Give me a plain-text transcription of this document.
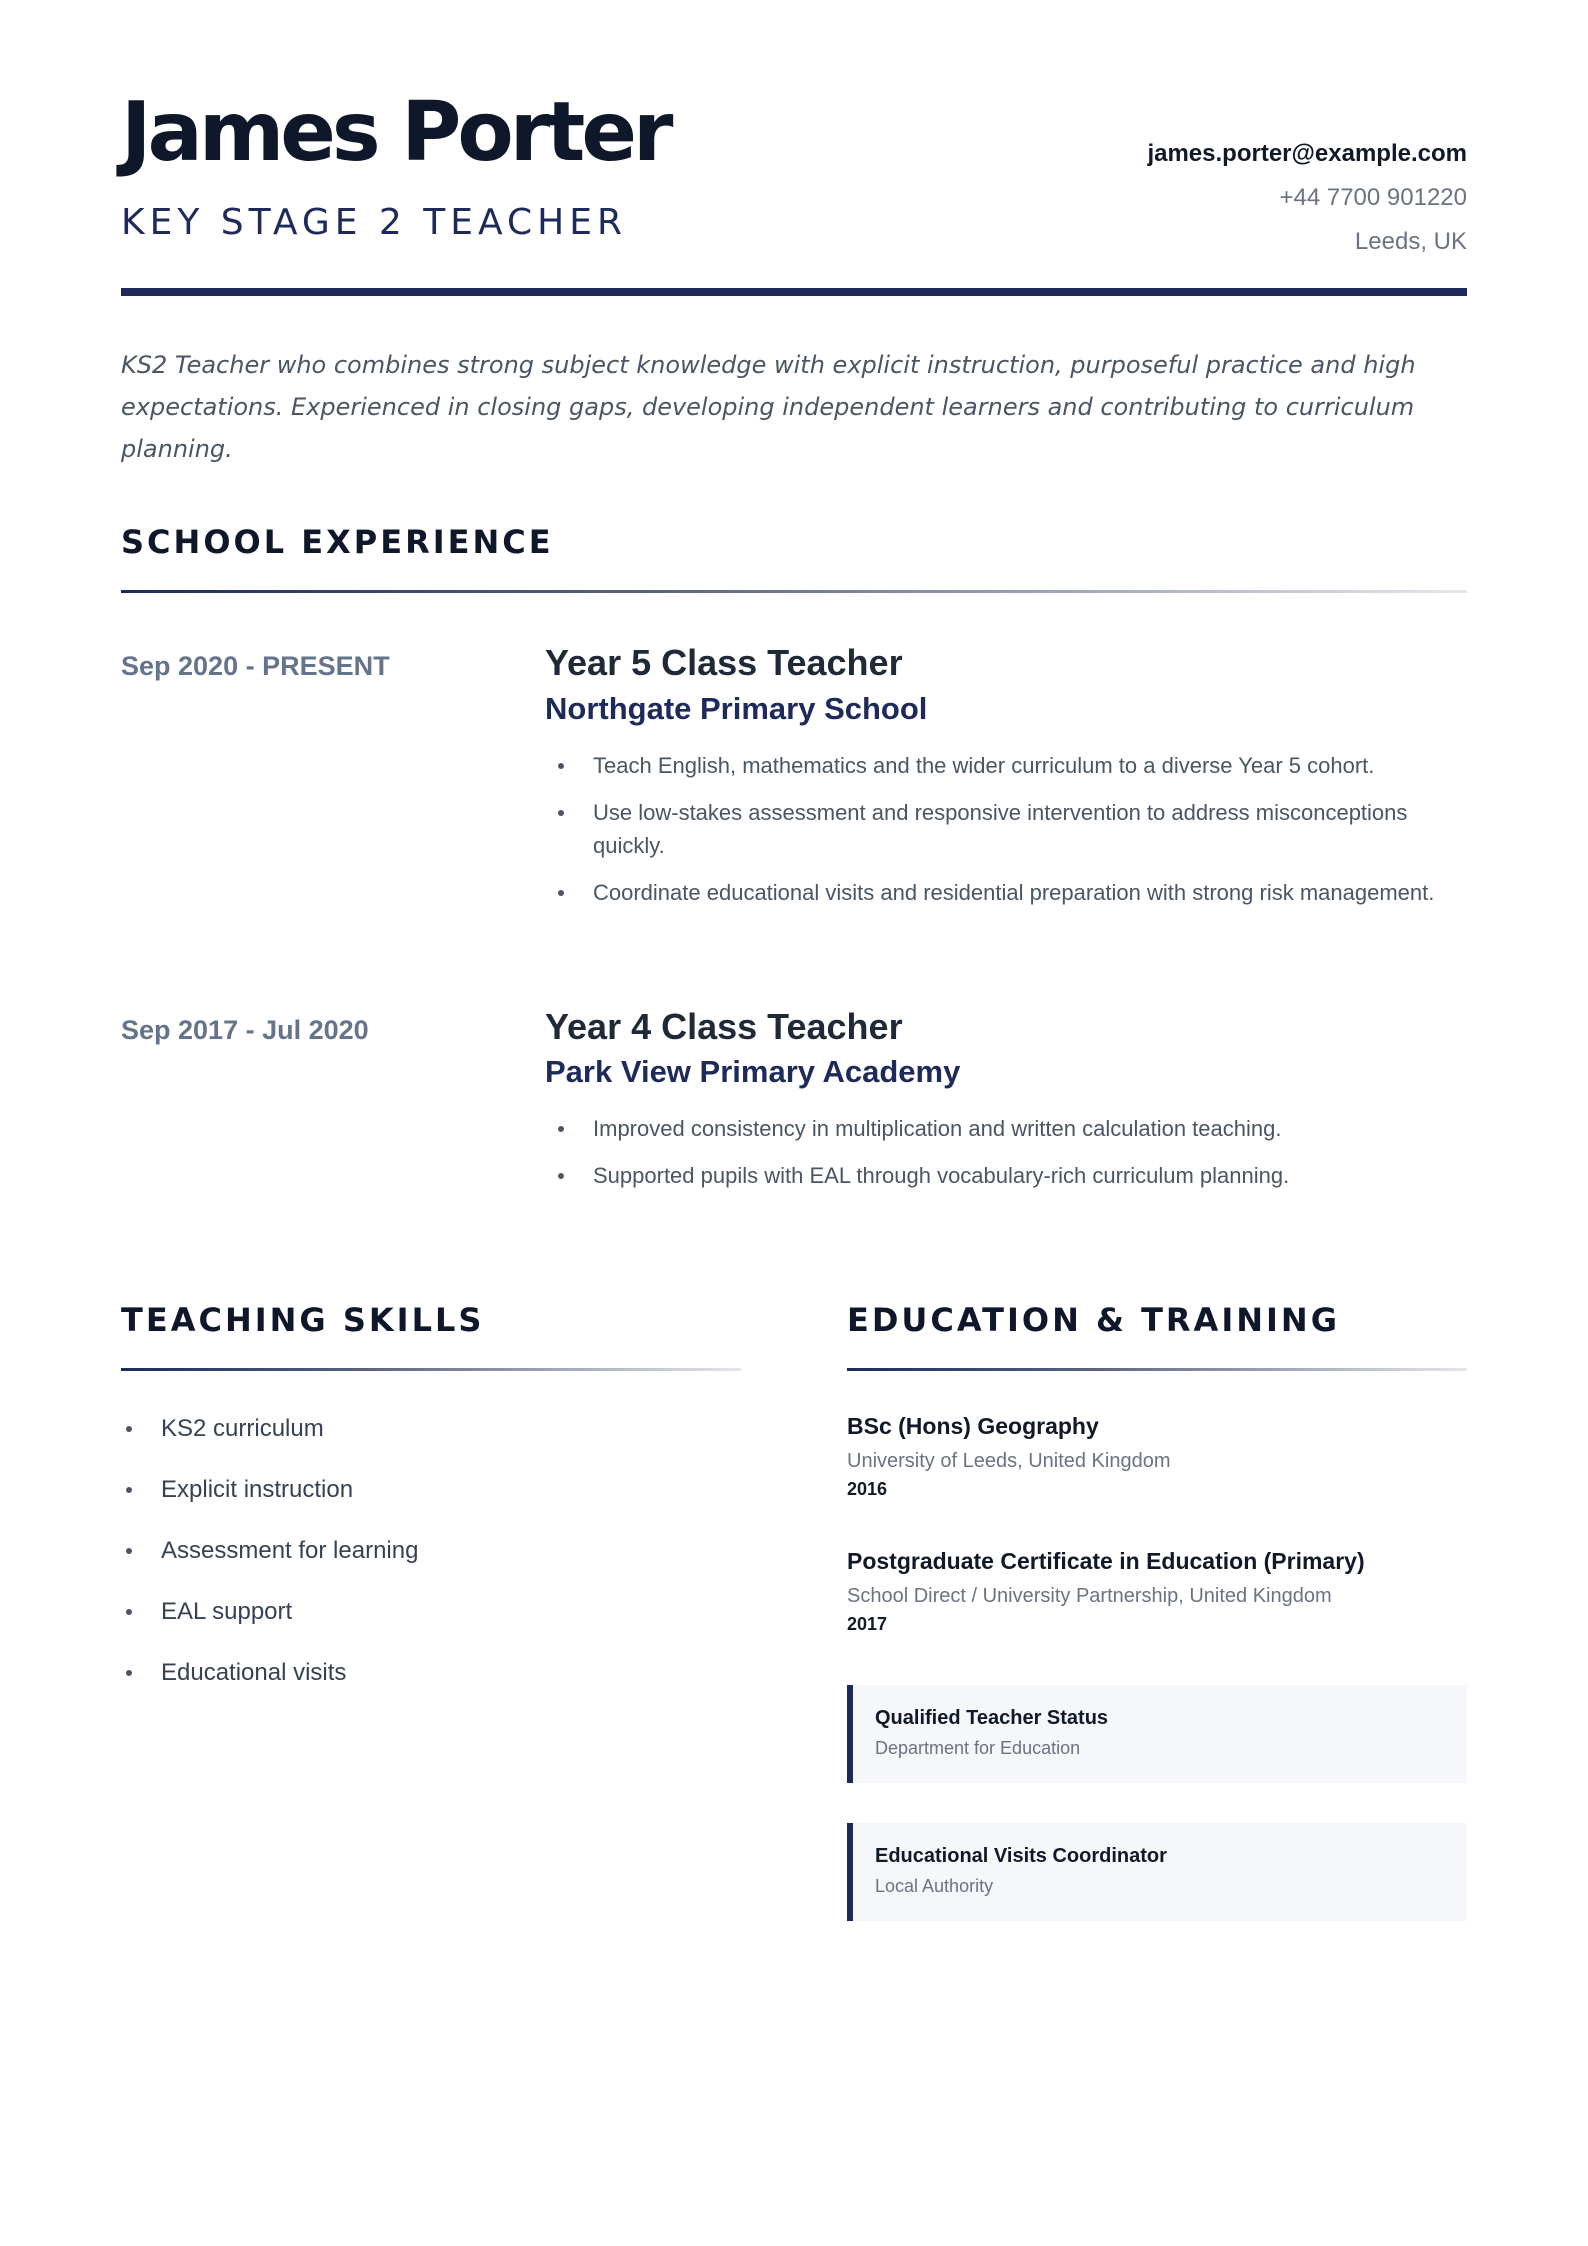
James Porter
KEY STAGE 2 TEACHER
james.porter@example.com
+44 7700 901220
Leeds, UK

KS2 Teacher who combines strong subject knowledge with explicit instruction, purposeful practice and high expectations. Experienced in closing gaps, developing independent learners and contributing to curriculum planning.

SCHOOL EXPERIENCE
Sep 2020 - PRESENT	Year 5 Class Teacher
Northgate Primary School
Teach English, mathematics and the wider curriculum to a diverse Year 5 cohort.
Use low-stakes assessment and responsive intervention to address misconceptions quickly.
Coordinate educational visits and residential preparation with strong risk management.
Sep 2017 - Jul 2020	Year 4 Class Teacher
Park View Primary Academy
Improved consistency in multiplication and written calculation teaching.
Supported pupils with EAL through vocabulary-rich curriculum planning.
TEACHING SKILLS
KS2 curriculum
Explicit instruction
Assessment for learning
EAL support
Educational visits
EDUCATION & TRAINING
BSc (Hons) Geography
University of Leeds, United Kingdom
2016
Postgraduate Certificate in Education (Primary)
School Direct / University Partnership, United Kingdom
2017
Qualified Teacher Status
Department for Education
Educational Visits Coordinator
Local Authority
